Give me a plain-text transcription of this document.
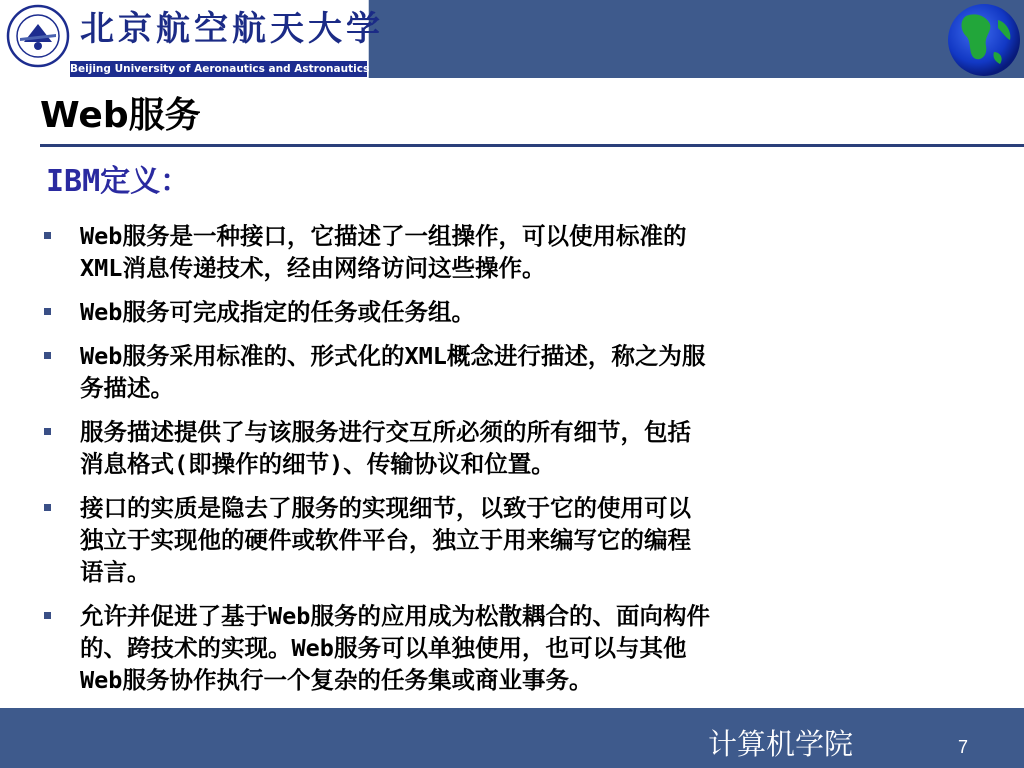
北京航空航天大学
Beijing University of Aeronautics and Astronautics
Web服务
IBM定义：
Web服务是一种接口，它描述了一组操作，可以使用标准的
XML消息传递技术，经由网络访问这些操作。
Web服务可完成指定的任务或任务组。
Web服务采用标准的、形式化的XML概念进行描述，称之为服
务描述。
服务描述提供了与该服务进行交互所必须的所有细节，包括
消息格式(即操作的细节)、传输协议和位置。
接口的实质是隐去了服务的实现细节，以致于它的使用可以
独立于实现他的硬件或软件平台，独立于用来编写它的编程
语言。
允许并促进了基于Web服务的应用成为松散耦合的、面向构件
的、跨技术的实现。Web服务可以单独使用，也可以与其他
Web服务协作执行一个复杂的任务集或商业事务。
计算机学院	7
